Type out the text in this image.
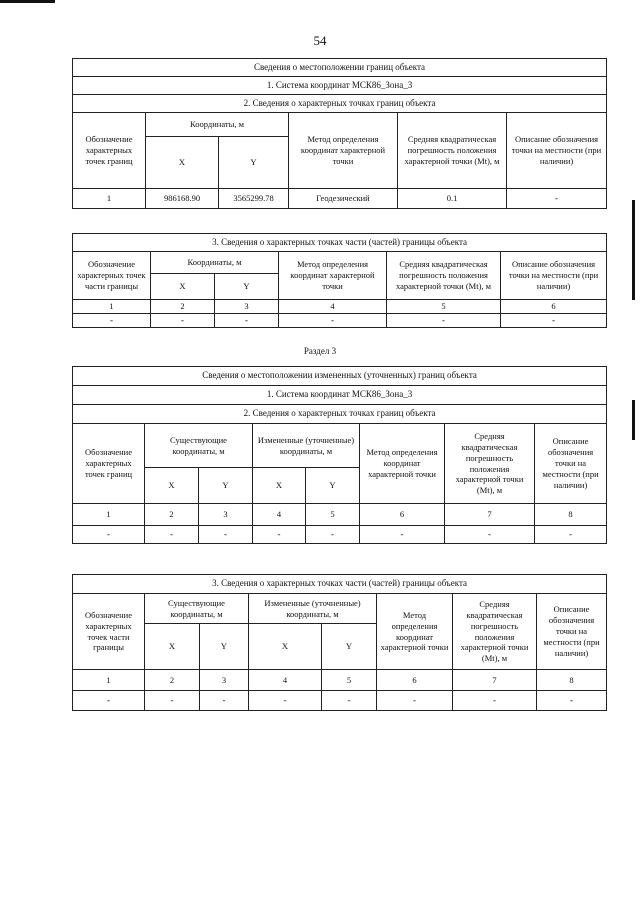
54
Сведения о местоположении границ объекта					
1. Система координат МСК86_Зона_3					
2. Сведения о характерных точках границ объекта					
Обозначение характерных точек границ	Координаты, м		Метод определения координат характерной точки	Средняя квадратическая погрешность положения характерной точки (Mt), м	Описание обозначения точки на местности (при наличии)
	X	Y			
1	986168.90	3565299.78	Геодезический	0.1	-
3. Сведения о характерных точках части (частей) границы объекта					
Обозначение характерных точек части границы	Координаты, м		Метод определения координат характерной точки	Средняя квадратическая погрешность положения характерной точки (Mt), м	Описание обозначения точки на местности (при наличии)
	X	Y			
1	2	3	4	5	6
-	-	-	-	-	-
Раздел 3
Сведения о местоположении измененных (уточненных) границ объекта							
1. Система координат МСК86_Зона_3							
2. Сведения о характерных точках границ объекта							
Обозначение характерных точек границ	Существующие координаты, м		Измененные (уточненные) координаты, м		Метод определения координат характерной точки	Средняя квадратическая погрешность положения характерной точки (Mt), м	Описание обозначения точки на местности (при наличии)
	X	Y	X	Y			
1	2	3	4	5	6	7	8
-	-	-	-	-	-	-	-
3. Сведения о характерных точках части (частей) границы объекта							
Обозначение характерных точек части границы	Существующие координаты, м		Измененные (уточненные) координаты, м		Метод определения координат характерной точки	Средняя квадратическая погрешность положения характерной точки (Mt), м	Описание обозначения точки на местности (при наличии)
	X	Y	X	Y			
1	2	3	4	5	6	7	8
-	-	-	-	-	-	-	-
